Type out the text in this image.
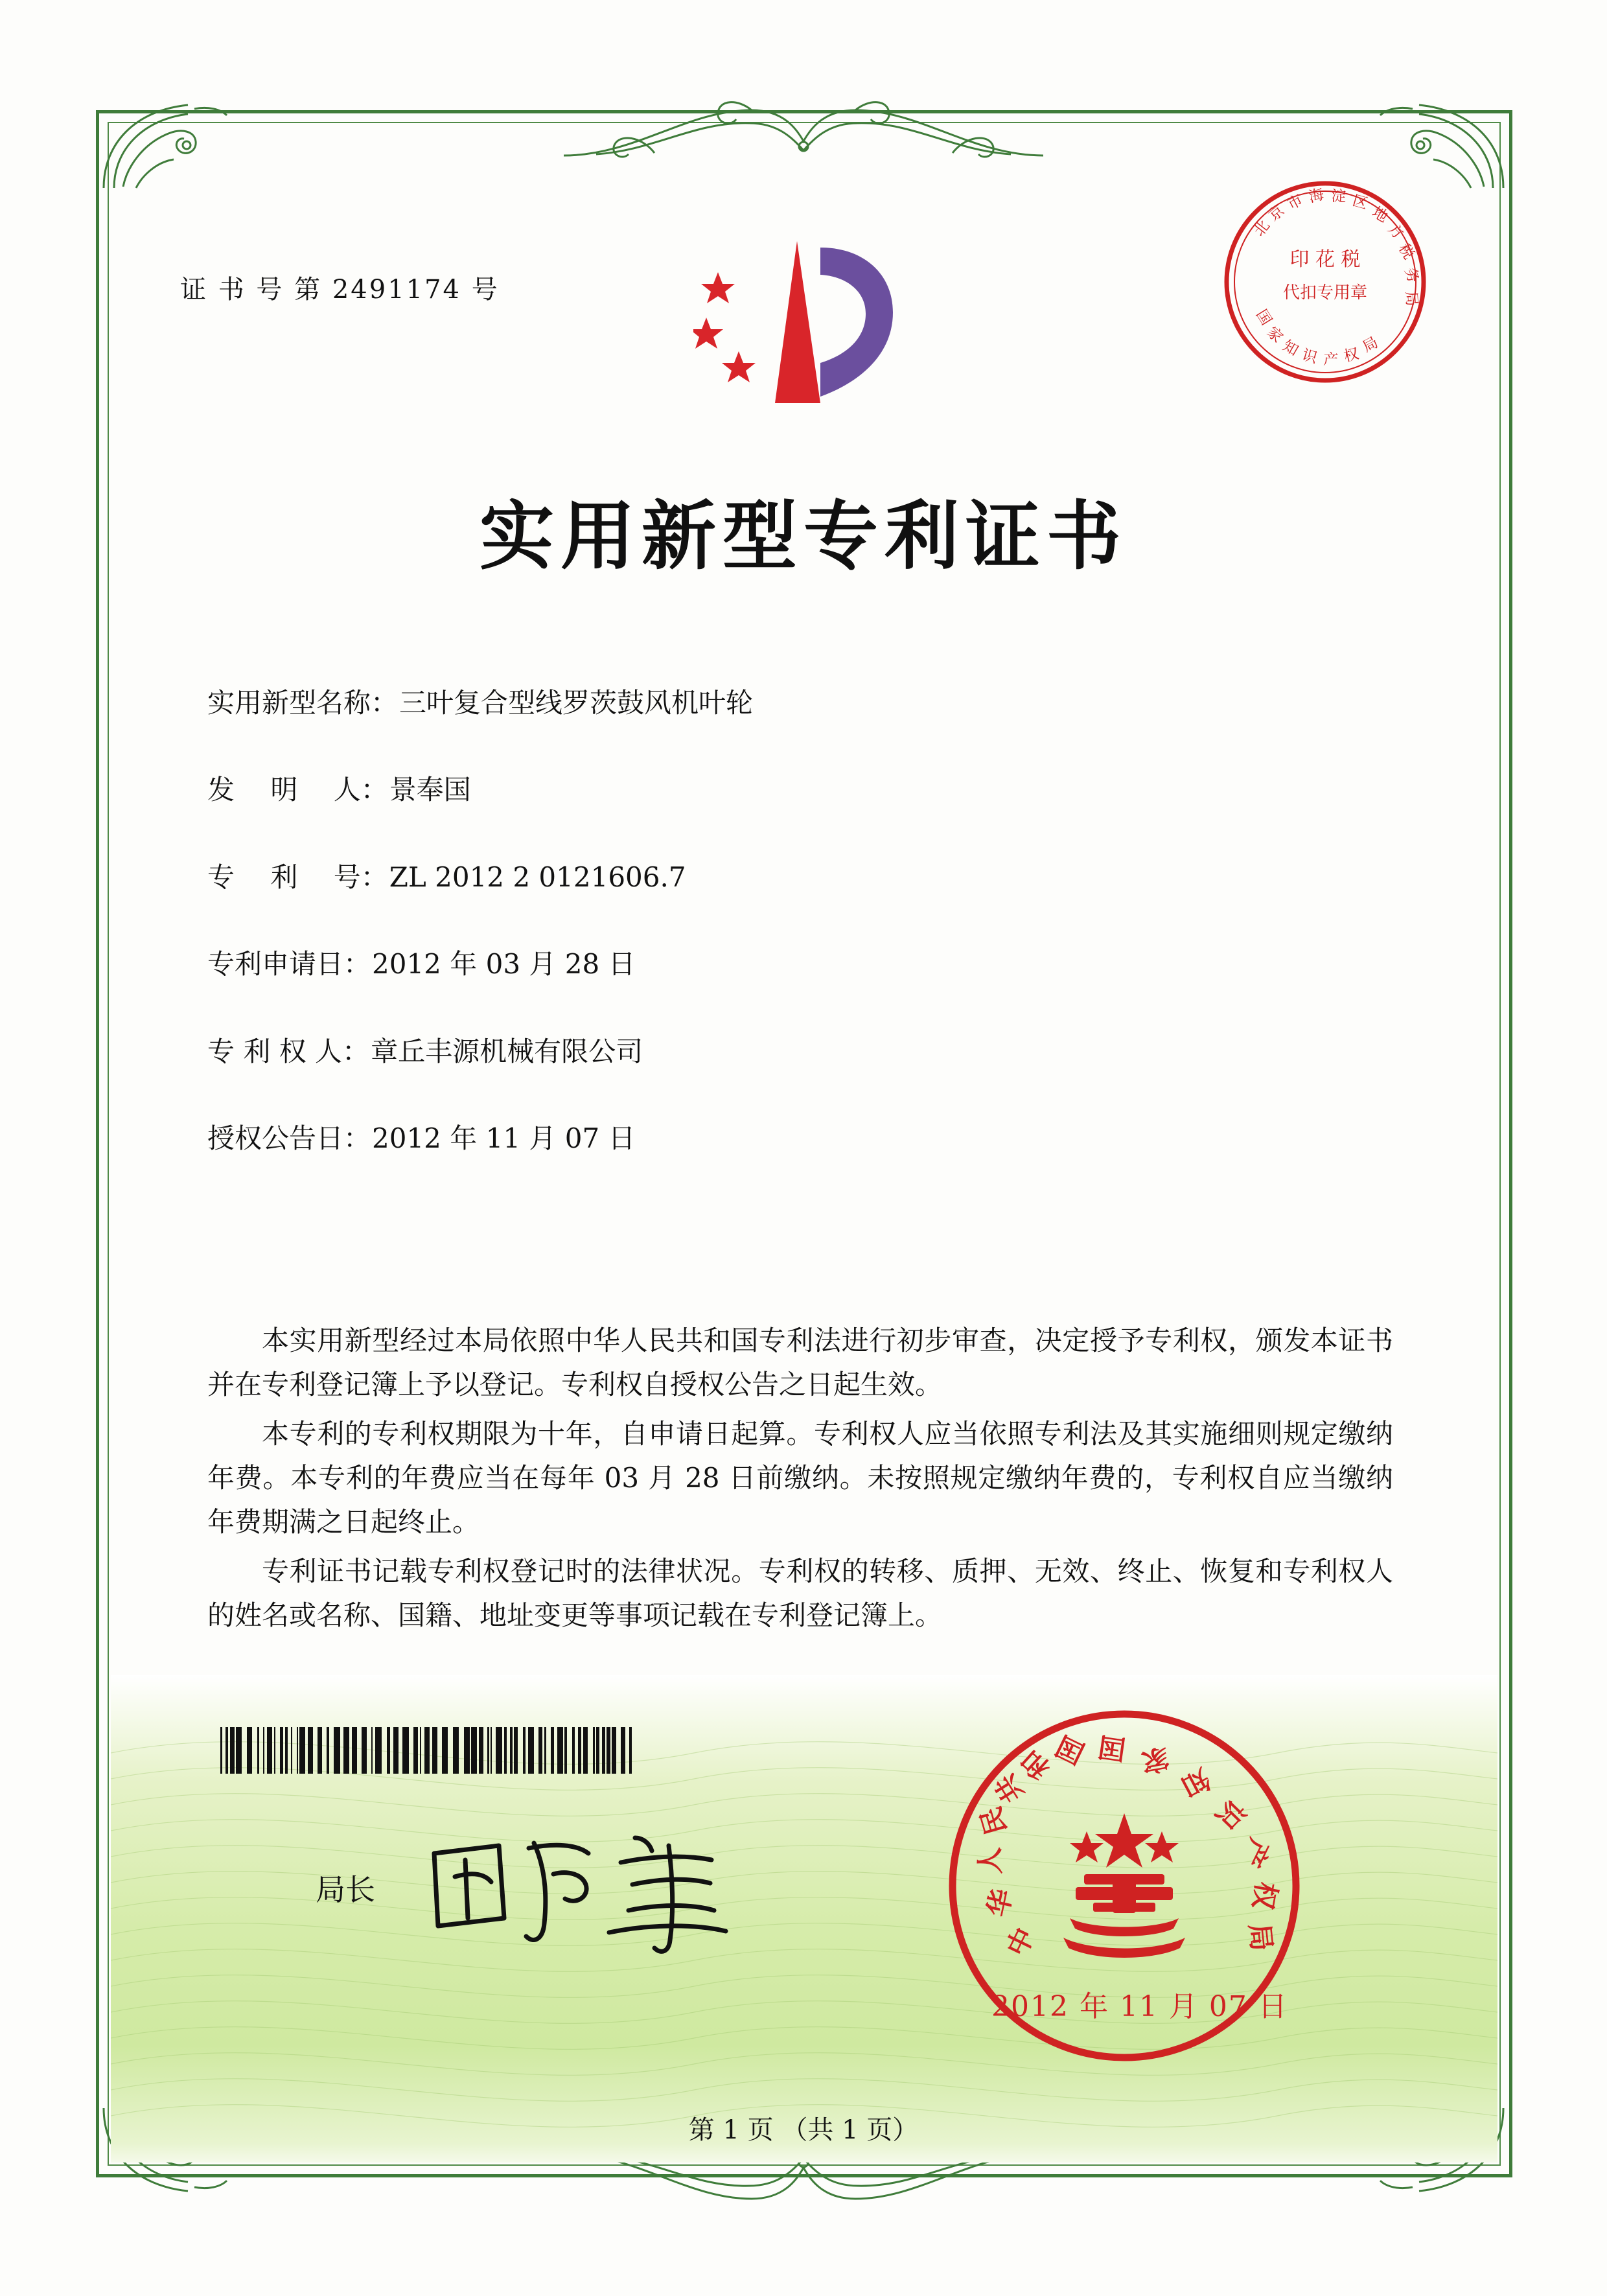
证 书 号 第 2491174 号
印 花 税
代扣专用章
北
京
市 海 淀 区
地
方
税
务
局
国
家
知
识 产 权
局
实用新型专利证书
实用新型名称： 三叶复合型线罗茨鼓风机叶轮
发　 明　 人： 景奉国
专　 利　 号： ZL 2012 2 0121606.7
专利申请日： 2012 年 03 月 28 日
专 利 权 人： 章丘丰源机械有限公司
授权公告日： 2012 年 11 月 07 日

本实用新型经过本局依照中华人民共和国专利法进行初步审查，决定授予专利权，颁发本证书并在专利登记簿上予以登记。专利权自授权公告之日起生效。

本专利的专利权期限为十年，自申请日起算。专利权人应当依照专利法及其实施细则规定缴纳年费。本专利的年费应当在每年 03 月 28 日前缴纳。未按照规定缴纳年费的，专利权自应当缴纳年费期满之日起终止。

专利证书记载专利权登记时的法律状况。专利权的转移、质押、无效、终止、恢复和专利权人的姓名或名称、国籍、地址变更等事项记载在专利登记簿上。

局长
中
华
人
民
共
和
国 国 家
知
识
产
权
局
2012 年 11 月 07 日
第 1 页 （共 1 页）
